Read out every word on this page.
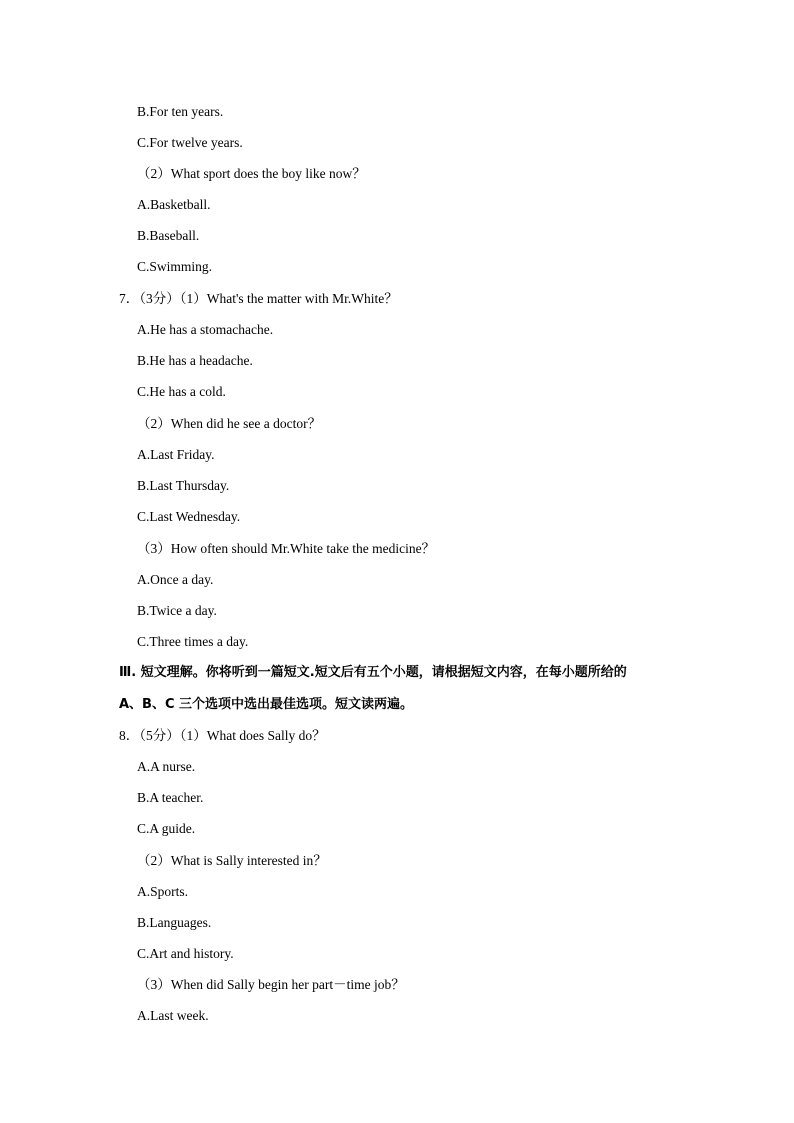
B.For ten years.
C.For twelve years.
（2）What sport does the boy like now？
A.Basketball.
B.Baseball.
C.Swimming.
7．（3分）（1）What's the matter with Mr.White？
A.He has a stomachache.
B.He has a headache.
C.He has a cold.
（2）When did he see a doctor？
A.Last Friday.
B.Last Thursday.
C.Last Wednesday.
（3）How often should Mr.White take the medicine？
A.Once a day.
B.Twice a day.
C.Three times a day.
Ⅲ. 短文理解。你将听到一篇短文.短文后有五个小题，请根据短文内容，在每小题所给的
A、B、C 三个选项中选出最佳选项。短文读两遍。
8．（5分）（1）What does Sally do？
A.A nurse.
B.A teacher.
C.A guide.
（2）What is Sally interested in？
A.Sports.
B.Languages.
C.Art and history.
（3）When did Sally begin her part－time job？
A.Last week.
